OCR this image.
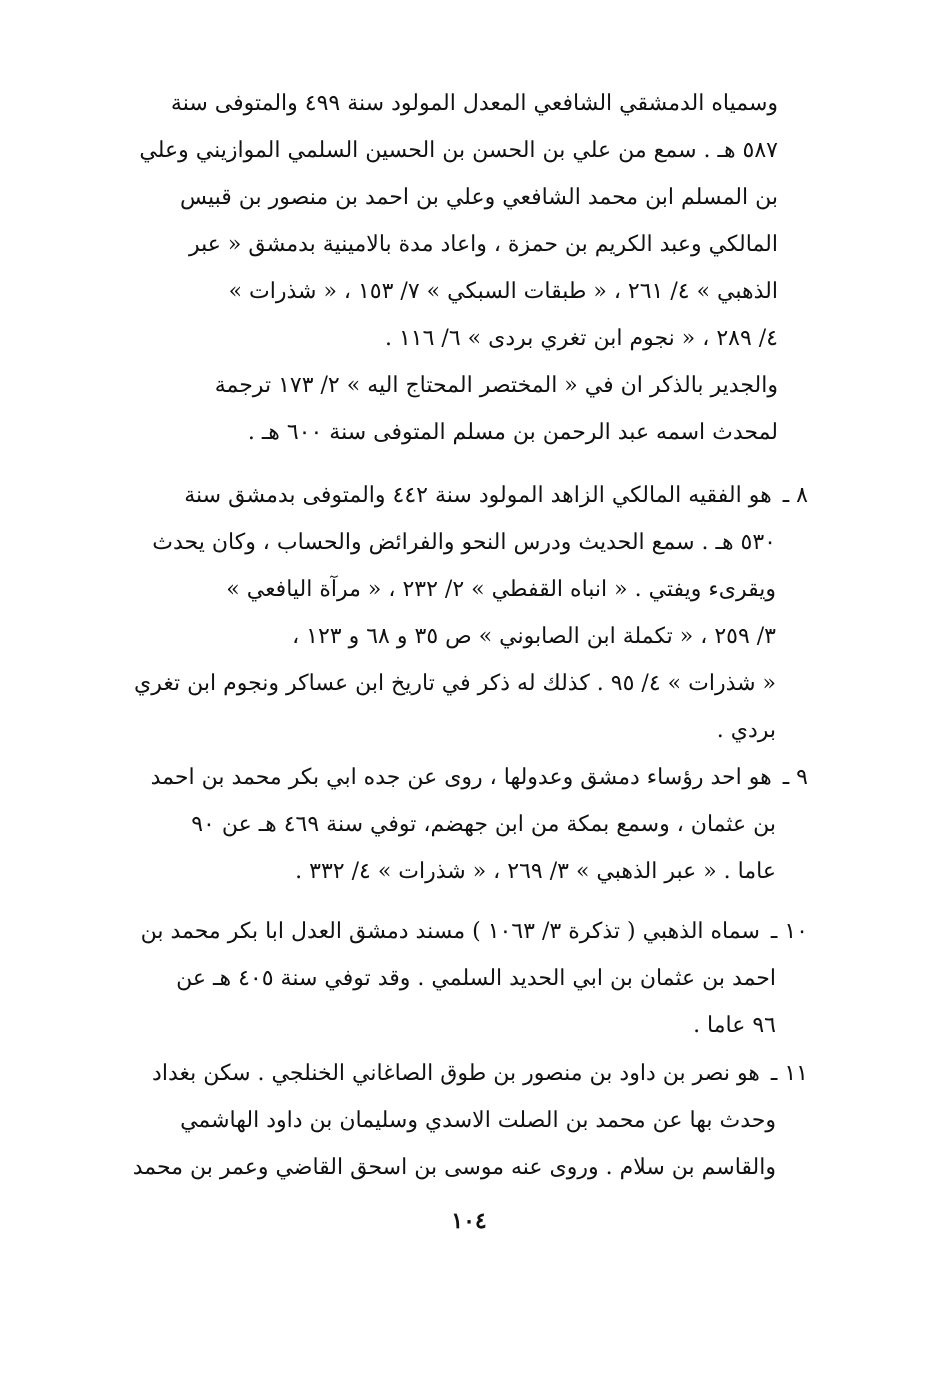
وسمياه الدمشقي الشافعي المعدل المولود سنة ٤٩٩ والمتوفى سنة
٥٨٧ هـ . سمع من علي بن الحسن بن الحسين السلمي الموازيني وعلي
بن المسلم ابن محمد الشافعي وعلي بن احمد بن منصور بن قبيس
المالكي وعبد الكريم بن حمزة ، واعاد مدة بالامينية بدمشق « عبر
الذهبي » ٤/ ٢٦١ ، « طبقات السبكي » ٧/ ١٥٣ ، « شذرات »
٤/ ٢٨٩ ، « نجوم ابن تغري بردى » ٦/ ١١٦ .
والجدير بالذكر ان في « المختصر المحتاج اليه » ٢/ ١٧٣ ترجمة
لمحدث اسمه عبد الرحمن بن مسلم المتوفى سنة ٦٠٠ هـ .
٨ ـ هو الفقيه المالكي الزاهد المولود سنة ٤٤٢ والمتوفى بدمشق سنة
٥٣٠ هـ . سمع الحديث ودرس النحو والفرائض والحساب ، وكان يحدث
ويقرىء ويفتي . « انباه القفطي » ٢/ ٢٣٢ ، « مرآة اليافعي »
٣/ ٢٥٩ ، « تكملة ابن الصابوني » ص ٣٥ و ٦٨ و ١٢٣ ،
« شذرات » ٤/ ٩٥ . كذلك له ذكر في تاريخ ابن عساكر ونجوم ابن تغري
بردي .
٩ ـ هو احد رؤساء دمشق وعدولها ، روى عن جده ابي بكر محمد بن احمد
بن عثمان ، وسمع بمكة من ابن جهضم، توفي سنة ٤٦٩ هـ عن ٩٠
عاما . « عبر الذهبي » ٣/ ٢٦٩ ، « شذرات » ٤/ ٣٣٢ .
١٠ ـ سماه الذهبي ( تذكرة ٣/ ١٠٦٣ ) مسند دمشق العدل ابا بكر محمد بن
احمد بن عثمان بن ابي الحديد السلمي . وقد توفي سنة ٤٠٥ هـ عن
٩٦ عاما .
١١ ـ هو نصر بن داود بن منصور بن طوق الصاغاني الخنلجي . سكن بغداد
وحدث بها عن محمد بن الصلت الاسدي وسليمان بن داود الهاشمي
والقاسم بن سلام . وروى عنه موسى بن اسحق القاضي وعمر بن محمد
١٠٤
